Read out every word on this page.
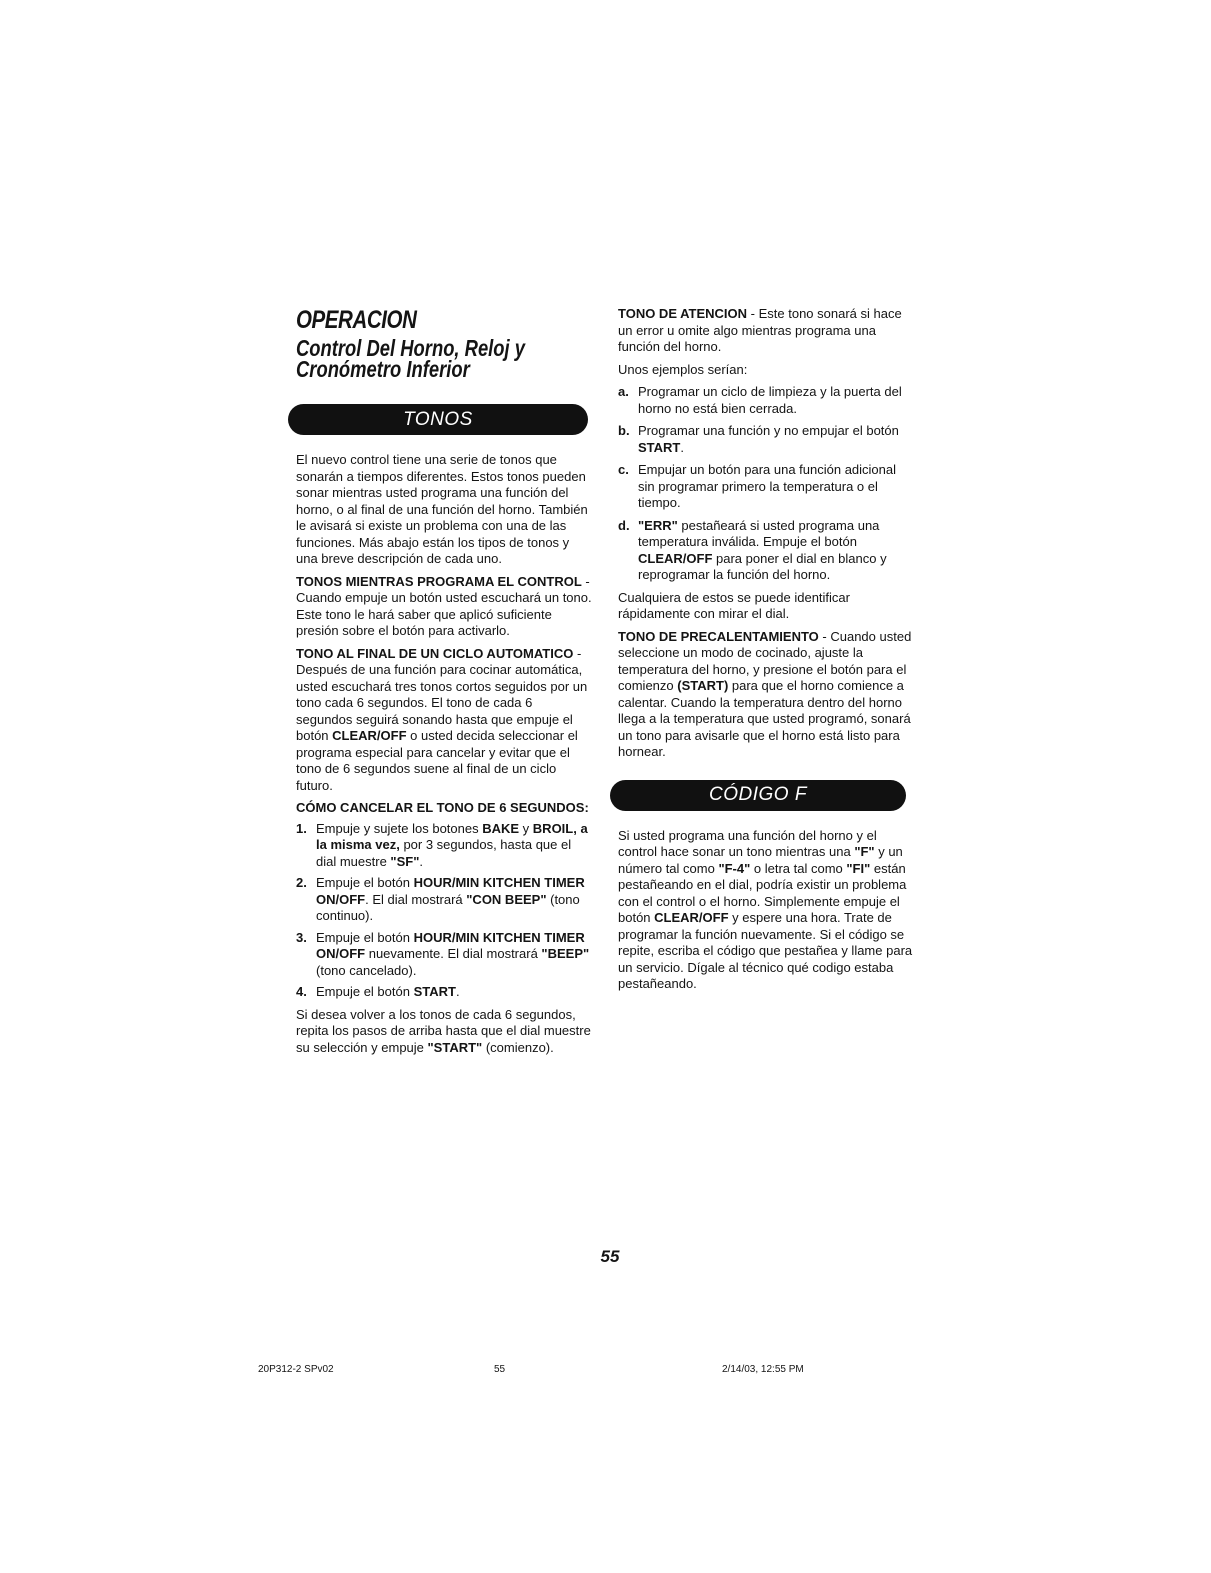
OPERACION
Control Del Horno, Reloj y
Cronómetro Inferior
TONOS

El nuevo control tiene una serie de tonos que sonarán a tiempos diferentes. Estos tonos pueden sonar mientras usted programa una función del horno, o al final de una función del horno. También le avisará si existe un problema con una de las funciones. Más abajo están los tipos de tonos y una breve descripción de cada uno.

TONOS MIENTRAS PROGRAMA EL CONTROL - Cuando empuje un botón usted escuchará un tono. Este tono le hará saber que aplicó suficiente presión sobre el botón para activarlo.

TONO AL FINAL DE UN CICLO AUTOMATICO - Después de una función para cocinar automática, usted escuchará tres tonos cortos seguidos por un tono cada 6 segundos. El tono de cada 6 segundos seguirá sonando hasta que empuje el botón CLEAR/OFF o usted decida seleccionar el programa especial para cancelar y evitar que el tono de 6 segundos suene al final de un ciclo futuro.

CÓMO CANCELAR EL TONO DE 6 SEGUNDOS:

1. Empuje y sujete los botones BAKE y BROIL, a la misma vez, por 3 segundos, hasta que el dial muestre "SF".
2. Empuje el botón HOUR/MIN KITCHEN TIMER ON/OFF. El dial mostrará "CON BEEP" (tono continuo).
3. Empuje el botón HOUR/MIN KITCHEN TIMER ON/OFF nuevamente. El dial mostrará "BEEP" (tono cancelado).
4. Empuje el botón START.

Si desea volver a los tonos de cada 6 segundos, repita los pasos de arriba hasta que el dial muestre su selección y empuje "START" (comienzo).

TONO DE ATENCION - Este tono sonará si hace un error u omite algo mientras programa una función del horno.

Unos ejemplos serían:

a. Programar un ciclo de limpieza y la puerta del horno no está bien cerrada.
b. Programar una función y no empujar el botón START.
c. Empujar un botón para una función adicional sin programar primero la temperatura o el tiempo.
d. "ERR" pestañeará si usted programa una temperatura inválida. Empuje el botón CLEAR/OFF para poner el dial en blanco y reprogramar la función del horno.

Cualquiera de estos se puede identificar rápidamente con mirar el dial.

TONO DE PRECALENTAMIENTO - Cuando usted seleccione un modo de cocinado, ajuste la temperatura del horno, y presione el botón para el comienzo (START) para que el horno comience a calentar. Cuando la temperatura dentro del horno llega a la temperatura que usted programó, sonará un tono para avisarle que el horno está listo para hornear.

CÓDIGO F

Si usted programa una función del horno y el control hace sonar un tono mientras una "F" y un número tal como "F-4" o letra tal como "FI" están pestañeando en el dial, podría existir un problema con el control o el horno. Simplemente empuje el botón CLEAR/OFF y espere una hora. Trate de programar la función nuevamente. Si el código se repite, escriba el código que pestañea y llame para un servicio. Dígale al técnico qué codigo estaba pestañeando.

55
20P312-2 SPv02	55	2/14/03, 12:55 PM
